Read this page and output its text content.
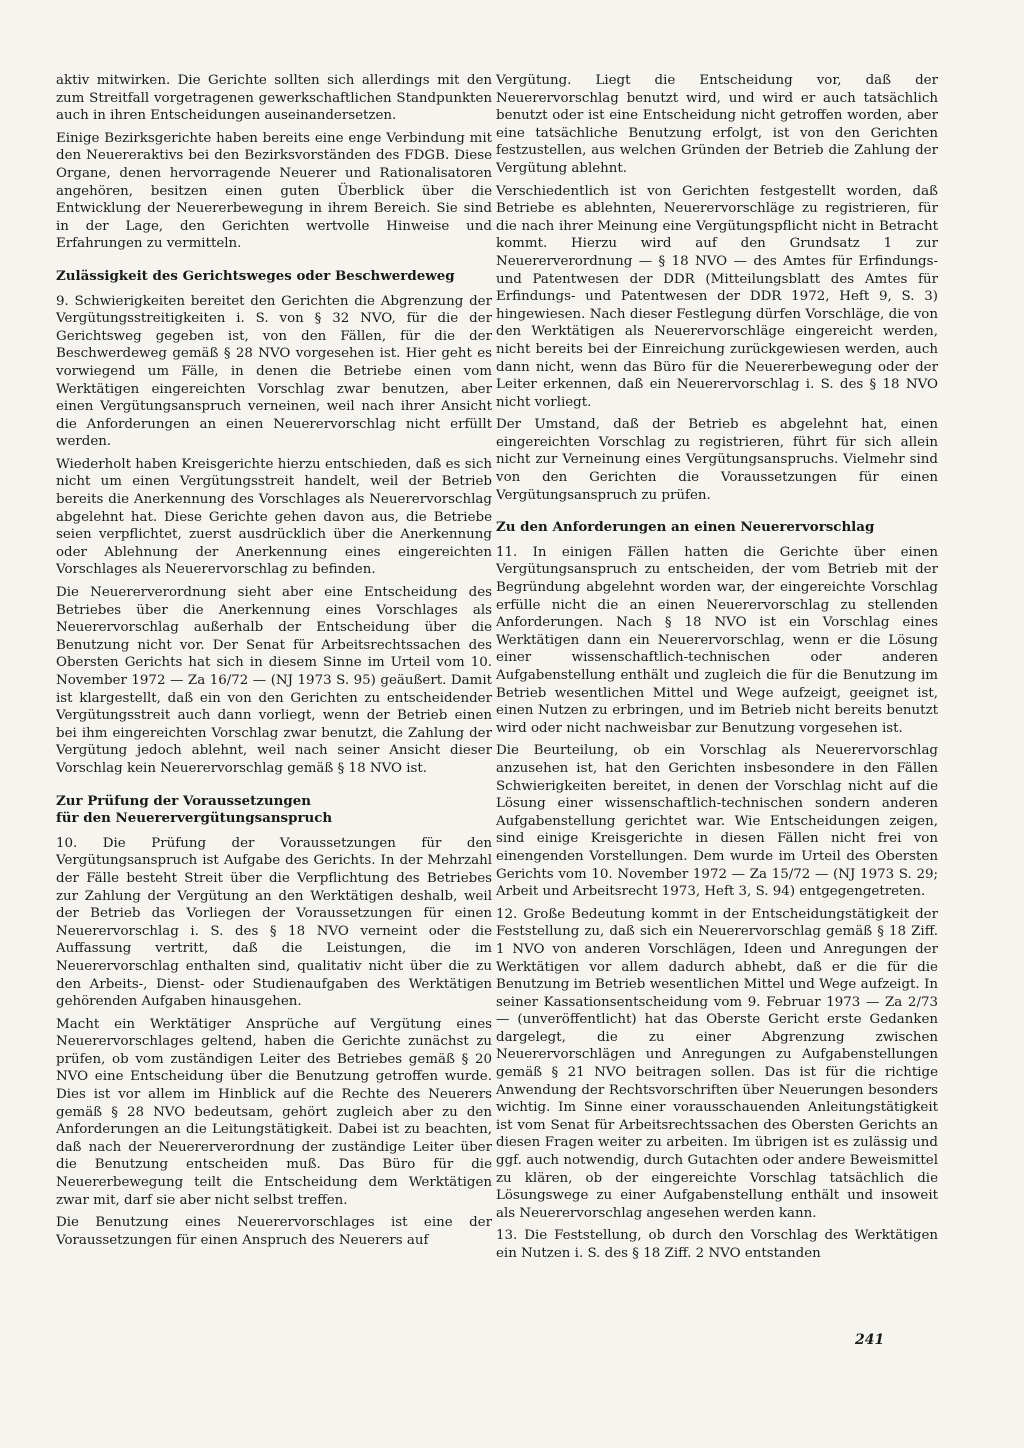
aktiv mitwirken. Die Gerichte sollten sich allerdings mit den zum Streitfall vorgetragenen gewerkschaftlichen Standpunkten auch in ihren Entscheidungen auseinandersetzen.

Einige Bezirksgerichte haben bereits eine enge Verbindung mit den Neuereraktivs bei den Bezirksvorständen des FDGB. Diese Organe, denen hervorragende Neuerer und Rationalisatoren angehören, besitzen einen guten Überblick über die Entwicklung der Neuererbewegung in ihrem Bereich. Sie sind in der Lage, den Gerichten wertvolle Hinweise und Erfahrungen zu vermitteln.

Zulässigkeit des Gerichtsweges oder Beschwerdeweg

9. Schwierigkeiten bereitet den Gerichten die Abgrenzung der Vergütungsstreitigkeiten i. S. von § 32 NVO, für die der Gerichtsweg gegeben ist, von den Fällen, für die der Beschwerdeweg gemäß § 28 NVO vorgesehen ist. Hier geht es vorwiegend um Fälle, in denen die Betriebe einen vom Werktätigen eingereichten Vorschlag zwar benutzen, aber einen Vergütungsanspruch verneinen, weil nach ihrer Ansicht die Anforderungen an einen Neuerervorschlag nicht erfüllt werden.

Wiederholt haben Kreisgerichte hierzu entschieden, daß es sich nicht um einen Vergütungsstreit handelt, weil der Betrieb bereits die Anerkennung des Vorschlages als Neuerervorschlag abgelehnt hat. Diese Gerichte gehen davon aus, die Betriebe seien verpflichtet, zuerst ausdrücklich über die Anerkennung oder Ablehnung der Anerkennung eines eingereichten Vorschlages als Neuerervorschlag zu befinden.

Die Neuererverordnung sieht aber eine Entscheidung des Betriebes über die Anerkennung eines Vorschlages als Neuerervorschlag außerhalb der Entscheidung über die Benutzung nicht vor. Der Senat für Arbeitsrechtssachen des Obersten Gerichts hat sich in diesem Sinne im Urteil vom 10. November 1972 — Za 16/72 — (NJ 1973 S. 95) geäußert. Damit ist klargestellt, daß ein von den Gerichten zu entscheidender Vergütungsstreit auch dann vorliegt, wenn der Betrieb einen bei ihm eingereichten Vorschlag zwar benutzt, die Zahlung der Vergütung jedoch ablehnt, weil nach seiner Ansicht dieser Vorschlag kein Neuerervorschlag gemäß § 18 NVO ist.

Zur Prüfung der Voraussetzungen
für den Neuerervergütungsanspruch

10. Die Prüfung der Voraussetzungen für den Vergütungsanspruch ist Aufgabe des Gerichts. In der Mehrzahl der Fälle besteht Streit über die Verpflichtung des Betriebes zur Zahlung der Vergütung an den Werktätigen deshalb, weil der Betrieb das Vorliegen der Voraussetzungen für einen Neuerervorschlag i. S. des § 18 NVO verneint oder die Auffassung vertritt, daß die Leistungen, die im Neuerervorschlag enthalten sind, qualitativ nicht über die zu den Arbeits-, Dienst- oder Studienaufgaben des Werktätigen gehörenden Aufgaben hinausgehen.

Macht ein Werktätiger Ansprüche auf Vergütung eines Neuerervorschlages geltend, haben die Gerichte zunächst zu prüfen, ob vom zuständigen Leiter des Betriebes gemäß § 20 NVO eine Entscheidung über die Benutzung getroffen wurde. Dies ist vor allem im Hinblick auf die Rechte des Neuerers gemäß § 28 NVO bedeutsam, gehört zugleich aber zu den Anforderungen an die Leitungstätigkeit. Dabei ist zu beachten, daß nach der Neuererverordnung der zuständige Leiter über die Benutzung entscheiden muß. Das Büro für die Neuererbewegung teilt die Entscheidung dem Werktätigen zwar mit, darf sie aber nicht selbst treffen.

Die Benutzung eines Neuerervorschlages ist eine der Voraussetzungen für einen Anspruch des Neuerers auf

Vergütung. Liegt die Entscheidung vor, daß der Neuerervorschlag benutzt wird, und wird er auch tatsächlich benutzt oder ist eine Entscheidung nicht getroffen worden, aber eine tatsächliche Benutzung erfolgt, ist von den Gerichten festzustellen, aus welchen Gründen der Betrieb die Zahlung der Vergütung ablehnt.

Verschiedentlich ist von Gerichten festgestellt worden, daß Betriebe es ablehnten, Neuerervorschläge zu registrieren, für die nach ihrer Meinung eine Vergütungspflicht nicht in Betracht kommt. Hierzu wird auf den Grundsatz 1 zur Neuererverordnung — § 18 NVO — des Amtes für Erfindungs- und Patentwesen der DDR (Mitteilungsblatt des Amtes für Erfindungs- und Patentwesen der DDR 1972, Heft 9, S. 3) hingewiesen. Nach dieser Festlegung dürfen Vorschläge, die von den Werktätigen als Neuerervorschläge eingereicht werden, nicht bereits bei der Einreichung zurückgewiesen werden, auch dann nicht, wenn das Büro für die Neuererbewegung oder der Leiter erkennen, daß ein Neuerervorschlag i. S. des § 18 NVO nicht vorliegt.

Der Umstand, daß der Betrieb es abgelehnt hat, einen eingereichten Vorschlag zu registrieren, führt für sich allein nicht zur Verneinung eines Vergütungsanspruchs. Vielmehr sind von den Gerichten die Voraussetzungen für einen Vergütungsanspruch zu prüfen.

Zu den Anforderungen an einen Neuerervorschlag

11. In einigen Fällen hatten die Gerichte über einen Vergütungsanspruch zu entscheiden, der vom Betrieb mit der Begründung abgelehnt worden war, der eingereichte Vorschlag erfülle nicht die an einen Neuerervorschlag zu stellenden Anforderungen. Nach § 18 NVO ist ein Vorschlag eines Werktätigen dann ein Neuerervorschlag, wenn er die Lösung einer wissenschaftlich-technischen oder anderen Aufgabenstellung enthält und zugleich die für die Benutzung im Betrieb wesentlichen Mittel und Wege aufzeigt, geeignet ist, einen Nutzen zu erbringen, und im Betrieb nicht bereits benutzt wird oder nicht nachweisbar zur Benutzung vorgesehen ist.

Die Beurteilung, ob ein Vorschlag als Neuerervorschlag anzusehen ist, hat den Gerichten insbesondere in den Fällen Schwierigkeiten bereitet, in denen der Vorschlag nicht auf die Lösung einer wissenschaftlich-technischen sondern anderen Aufgabenstellung gerichtet war. Wie Entscheidungen zeigen, sind einige Kreisgerichte in diesen Fällen nicht frei von einengenden Vorstellungen. Dem wurde im Urteil des Obersten Gerichts vom 10. November 1972 — Za 15/72 — (NJ 1973 S. 29; Arbeit und Arbeitsrecht 1973, Heft 3, S. 94) entgegengetreten.

12. Große Bedeutung kommt in der Entscheidungstätigkeit der Feststellung zu, daß sich ein Neuerervorschlag gemäß § 18 Ziff. 1 NVO von anderen Vorschlägen, Ideen und Anregungen der Werktätigen vor allem dadurch abhebt, daß er die für die Benutzung im Betrieb wesentlichen Mittel und Wege aufzeigt. In seiner Kassationsentscheidung vom 9. Februar 1973 — Za 2/73 — (unveröffentlicht) hat das Oberste Gericht erste Gedanken dargelegt, die zu einer Abgrenzung zwischen Neuerervorschlägen und Anregungen zu Aufgabenstellungen gemäß § 21 NVO beitragen sollen. Das ist für die richtige Anwendung der Rechtsvorschriften über Neuerungen besonders wichtig. Im Sinne einer vorausschauenden Anleitungstätigkeit ist vom Senat für Arbeitsrechtssachen des Obersten Gerichts an diesen Fragen weiter zu arbeiten. Im übrigen ist es zulässig und ggf. auch notwendig, durch Gutachten oder andere Beweismittel zu klären, ob der eingereichte Vorschlag tatsächlich die Lösungswege zu einer Aufgabenstellung enthält und insoweit als Neuerervorschlag angesehen werden kann.

13. Die Feststellung, ob durch den Vorschlag des Werktätigen ein Nutzen i. S. des § 18 Ziff. 2 NVO entstanden

241
